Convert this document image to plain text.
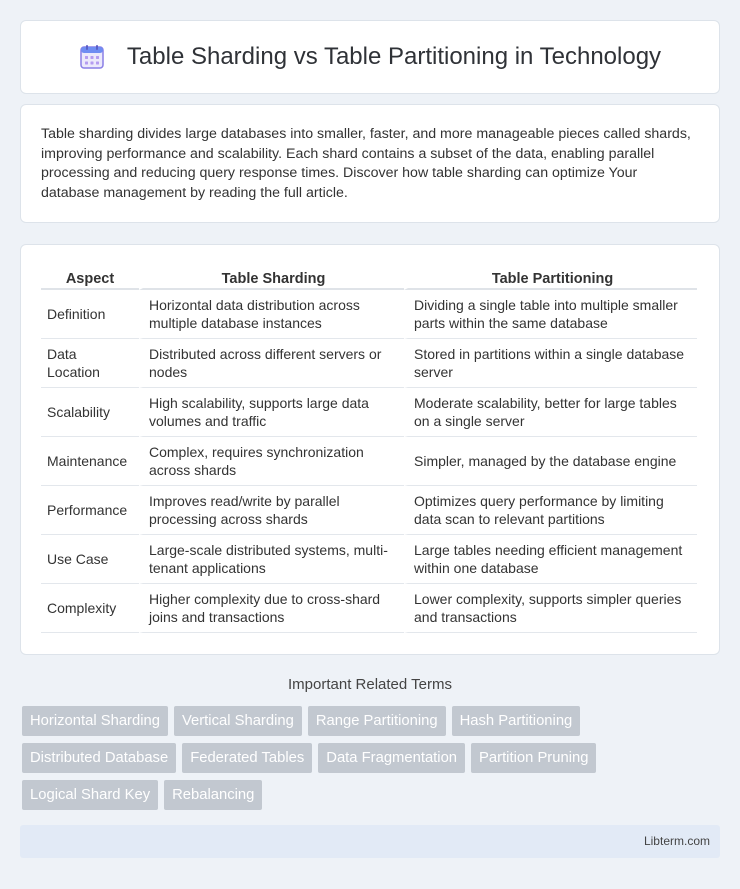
Table Sharding vs Table Partitioning in Technology

Table sharding divides large databases into smaller, faster, and more manageable pieces called shards, improving performance and scalability. Each shard contains a subset of the data, enabling parallel processing and reducing query response times. Discover how table sharding can optimize Your database management by reading the full article.

Aspect	Table Sharding	Table Partitioning
Definition	Horizontal data distribution across multiple database instances	Dividing a single table into multiple smaller parts within the same database
Data Location	Distributed across different servers or nodes	Stored in partitions within a single database server
Scalability	High scalability, supports large data volumes and traffic	Moderate scalability, better for large tables on a single server
Maintenance	Complex, requires synchronization across shards	Simpler, managed by the database engine
Performance	Improves read/write by parallel processing across shards	Optimizes query performance by limiting data scan to relevant partitions
Use Case	Large-scale distributed systems, multi-tenant applications	Large tables needing efficient management within one database
Complexity	Higher complexity due to cross-shard joins and transactions	Lower complexity, supports simpler queries and transactions
Important Related Terms
Horizontal Sharding	Vertical Sharding	Range Partitioning	Hash Partitioning
Distributed Database	Federated Tables	Data Fragmentation	Partition Pruning
Logical Shard Key	Rebalancing
Libterm.com
